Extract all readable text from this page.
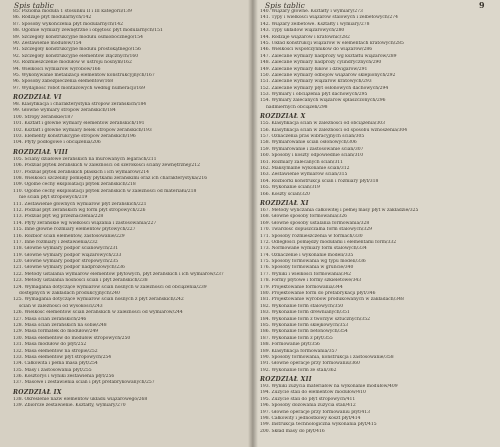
Spis tablic
85. Pozioma moduła 1 stosunku II i III kategorii/139
86. Rodzaje płyt modularnych/142
87. Sposoby wykończenia płyt modularnych/142
88. Ogólnie wymiary zewnętrzne i objętość płyt modularnych/151
89. Szczegóły konstrukcyjne modułu ośmiobocznego/154
90. Zestawienie modułów/154
91. Szczegóły konstrukcyjne modułu prostokątnego/156
92. Szczegóły konstrukcyjne elementów złącznych/160
93. Rozmieszczenie modułów w ustroju nośnym/162
94. Wielkości wymiarów wyrobów/166
95. Wykonywanie metalizacji elementów konstrukcyjnych/167
96. Sposoby zabezpieczenia elementów/168
97. Wydajność robót montażowych według numeracji/169
ROZDZIAŁ VI
98. Klasyfikacja i charakterystyka stropów żerańskich/184
99. Główne wymiary stropów żerańskich/184
100. Stropy żerańskie/187
101. Kształt i główne wymiary elementów żerańskich/191
102. Kształt i główne wymiary belek stropów żerańskich/193
103. Elementy konstrukcyjne stropów żerańskich/196
104. Płyty podłogowe i obciążenia/206
ROZDZIAŁ VIII
105. Ściany działowe żerańskich na murowanych legarach/211
106. Podział płytek żerańskich w zależności od szerokości ściany zewnętrznej/212
107. Podział płytek żerańskich płaskich i ich wymiarów/214
108. Wielkości szczeliny pomiędzy płytkami żerańskimi oraz ich charakterystyka/216
109. Ogólne cechy eksploatacji płytek żerańskich/218
110. Ogólne cechy eksploatacji płytek żerańskich w zależności od materiału/218
nie ścian płyt stropowych/219
111. Zestawienie głównych wymiarów płyt żerańskich/221
112. Podział płyt żerańskich wg form płyt stropowych/226
113. Podział płyt wg przeznaczenia/228
114. Płyty żerańskie wg wielkości wiązania i zastosowania/227
115. Inne główne rozmiary elementów płytowych/227
116. Rozbiór ścian elementów, zastosowanie/229
117. Inne rozmiary i zestawienia/232
118. Główne wymiary podpór ścianowych/231
119. Główne wymiary podpór wiązarowych/233
120. Główne wymiary podpór stropowych/235
121. Główne wymiary podpór nadprożowych/236
122. Metody ustalania wymiarów elementów płytowych, płyt żerańskich i ich wymiarów/237
123. Metody ustalania nośności ścian i płyt żerańskich/238
124. Wymagania dotyczące wymiarów ścian nośnych w zależności od obciążenia/239
dostępnych w zakładach produkcyjnych/240
125. Wymagania dotyczące wymiarów ścian nośnych z płyt żerańskich/242
ścian w zależności od wysokości/243
126. Wielkość elementów ścian żerańskich w zależności od wymiarów/244
127. Masa ścian żerańskich/246
128. Masa ścian żerańskich na sobie/248
129. Masa formatek do modułów/249
130. Masa elementów do modułów stropowych/250
131. Masa modułów do płyt/252
132. Masa elementów na stropie/252
133. Masa elementów płyt stropowych/254
134. Całkowita i pełna masa płyt/254
135. Masy i zastosowania płyt/255
136. Kosztorys i wyniki zestawienia płyt/256
137. Masowe i zestawienia ścian i płyt prefabrykowanych/257
ROZDZIAŁ IX
138. Określenie nazw elementów układu wiązarowego/268
139. Zbiorcze zestawienie. Kształty, wymiary/270
Spis tablic	9
140. Wiązary główne. Kształty i wymiary/273
141. Typy i wielkości wiązarów stalowych i żelbetowych/274
142. Wiązary żelbetowe. Kształty i wymiary/278
143. Typy układów wiązarowych/280
144. Rodzaje wiązarów i kratownic/282
145. Układ konstrukcji wiązarów w elementach kratowych/285
146. Wielkości współczynników do wiązarów/286
147. Zalecane wymiary nadproży wg kształtu wiązarów/289
148. Zalecane wymiary nadproży cylindrycznych/290
149. Zalecane wymiary łuków i dźwigarów/291
150. Zalecane wymiary odbojów wiązarów sklepionych/292
151. Zalecane wymiary wiązarów kratowych/293
152. Zalecane wymiary płyt osłonowych dachowych/294
153. Wymiary i obciążenia płyt dachowych/295
154. Wymiary zalecanych wiązarów spłaszczonych/296
nadmiernych obciążeń/298
ROZDZIAŁ X
155. Klasyfikacja ścian w zależności od obciążenia/303
156. Klasyfikacja ścian w zależności od sposobu wznoszenia/304
157. Oznaczenia pras wibracyjnych ścian/305
158. Wymiarowanie ścian osłonowych/306
159. Wymiarowanie i zastosowanie ścian/307
160. Sposoby i koszty odpowiednie ścian/310
161. Rozmiary zalecanych ścian/311
162. Maksymalne wykonanie ścian/312
163. Zestawienie wymiarów ścian/315
164. Rozbiórki konstrukcji ścian i rozmiary płyt/318
165. Wykonanie ścian/319
166. Koszty ścian/320
ROZDZIAŁ XI
167. Metody wyliczania całkowitej i pełnej masy płyt w zakładzie/325
168. Główne sposoby formowania/326
169. Główne sposoby ustalania formowania/328
170. Twardość dopuszczalna form stalowych/329
171. Sposoby rozmieszczenia w formach/330
172. Odległości pomiędzy modułami i elementami form/332
173. Normowane wymiary form stalowych/334
174. Oznaczenie i wykonanie modeli/335
175. Sposoby formowania wg typu modeli/336
176. Sposoby formowania w gruncie/340
177. Wyniki i wielkości formowania/342
178. Formy płytowe i formy szkieletowe/343
179. Projektowanie formowania/344
180. Projektowanie form do prefabrykacji płyt/346
181. Projektowanie wyrobów produkowanych w zakładach/348
182. Wykonanie form stalowych/350
183. Wykonanie form drewnianych/351
184. Wykonanie form z tworzyw sztucznych/352
185. Wykonanie form sklejkowych/353
186. Wykonanie form betonowych/354
187. Wykonanie form z płyt/355
188. Formowanie płyt/356
189. Klasyfikacja formowania/357
190. Sposoby formowania, konstrukcja i zastosowanie/358
191. Główne operacje przy formowaniu/360
192. Wykonanie form ze stali/362
ROZDZIAŁ XII
193. Wyniki zużycia materiałów na wykonanie modułów/409
194. Zużycie stali do elementów modułów/410
195. Zużycie stali do płyt stropowych/411
196. Sposoby dozowania zużycia stali/412
197. Główne operacje przy formowaniu płyt/413
198. Całkowity i jednostkowy koszt płyt/414
199. Instrukcja technologiczna wykonania płyt/415
200. Skład masy do płyt/416
